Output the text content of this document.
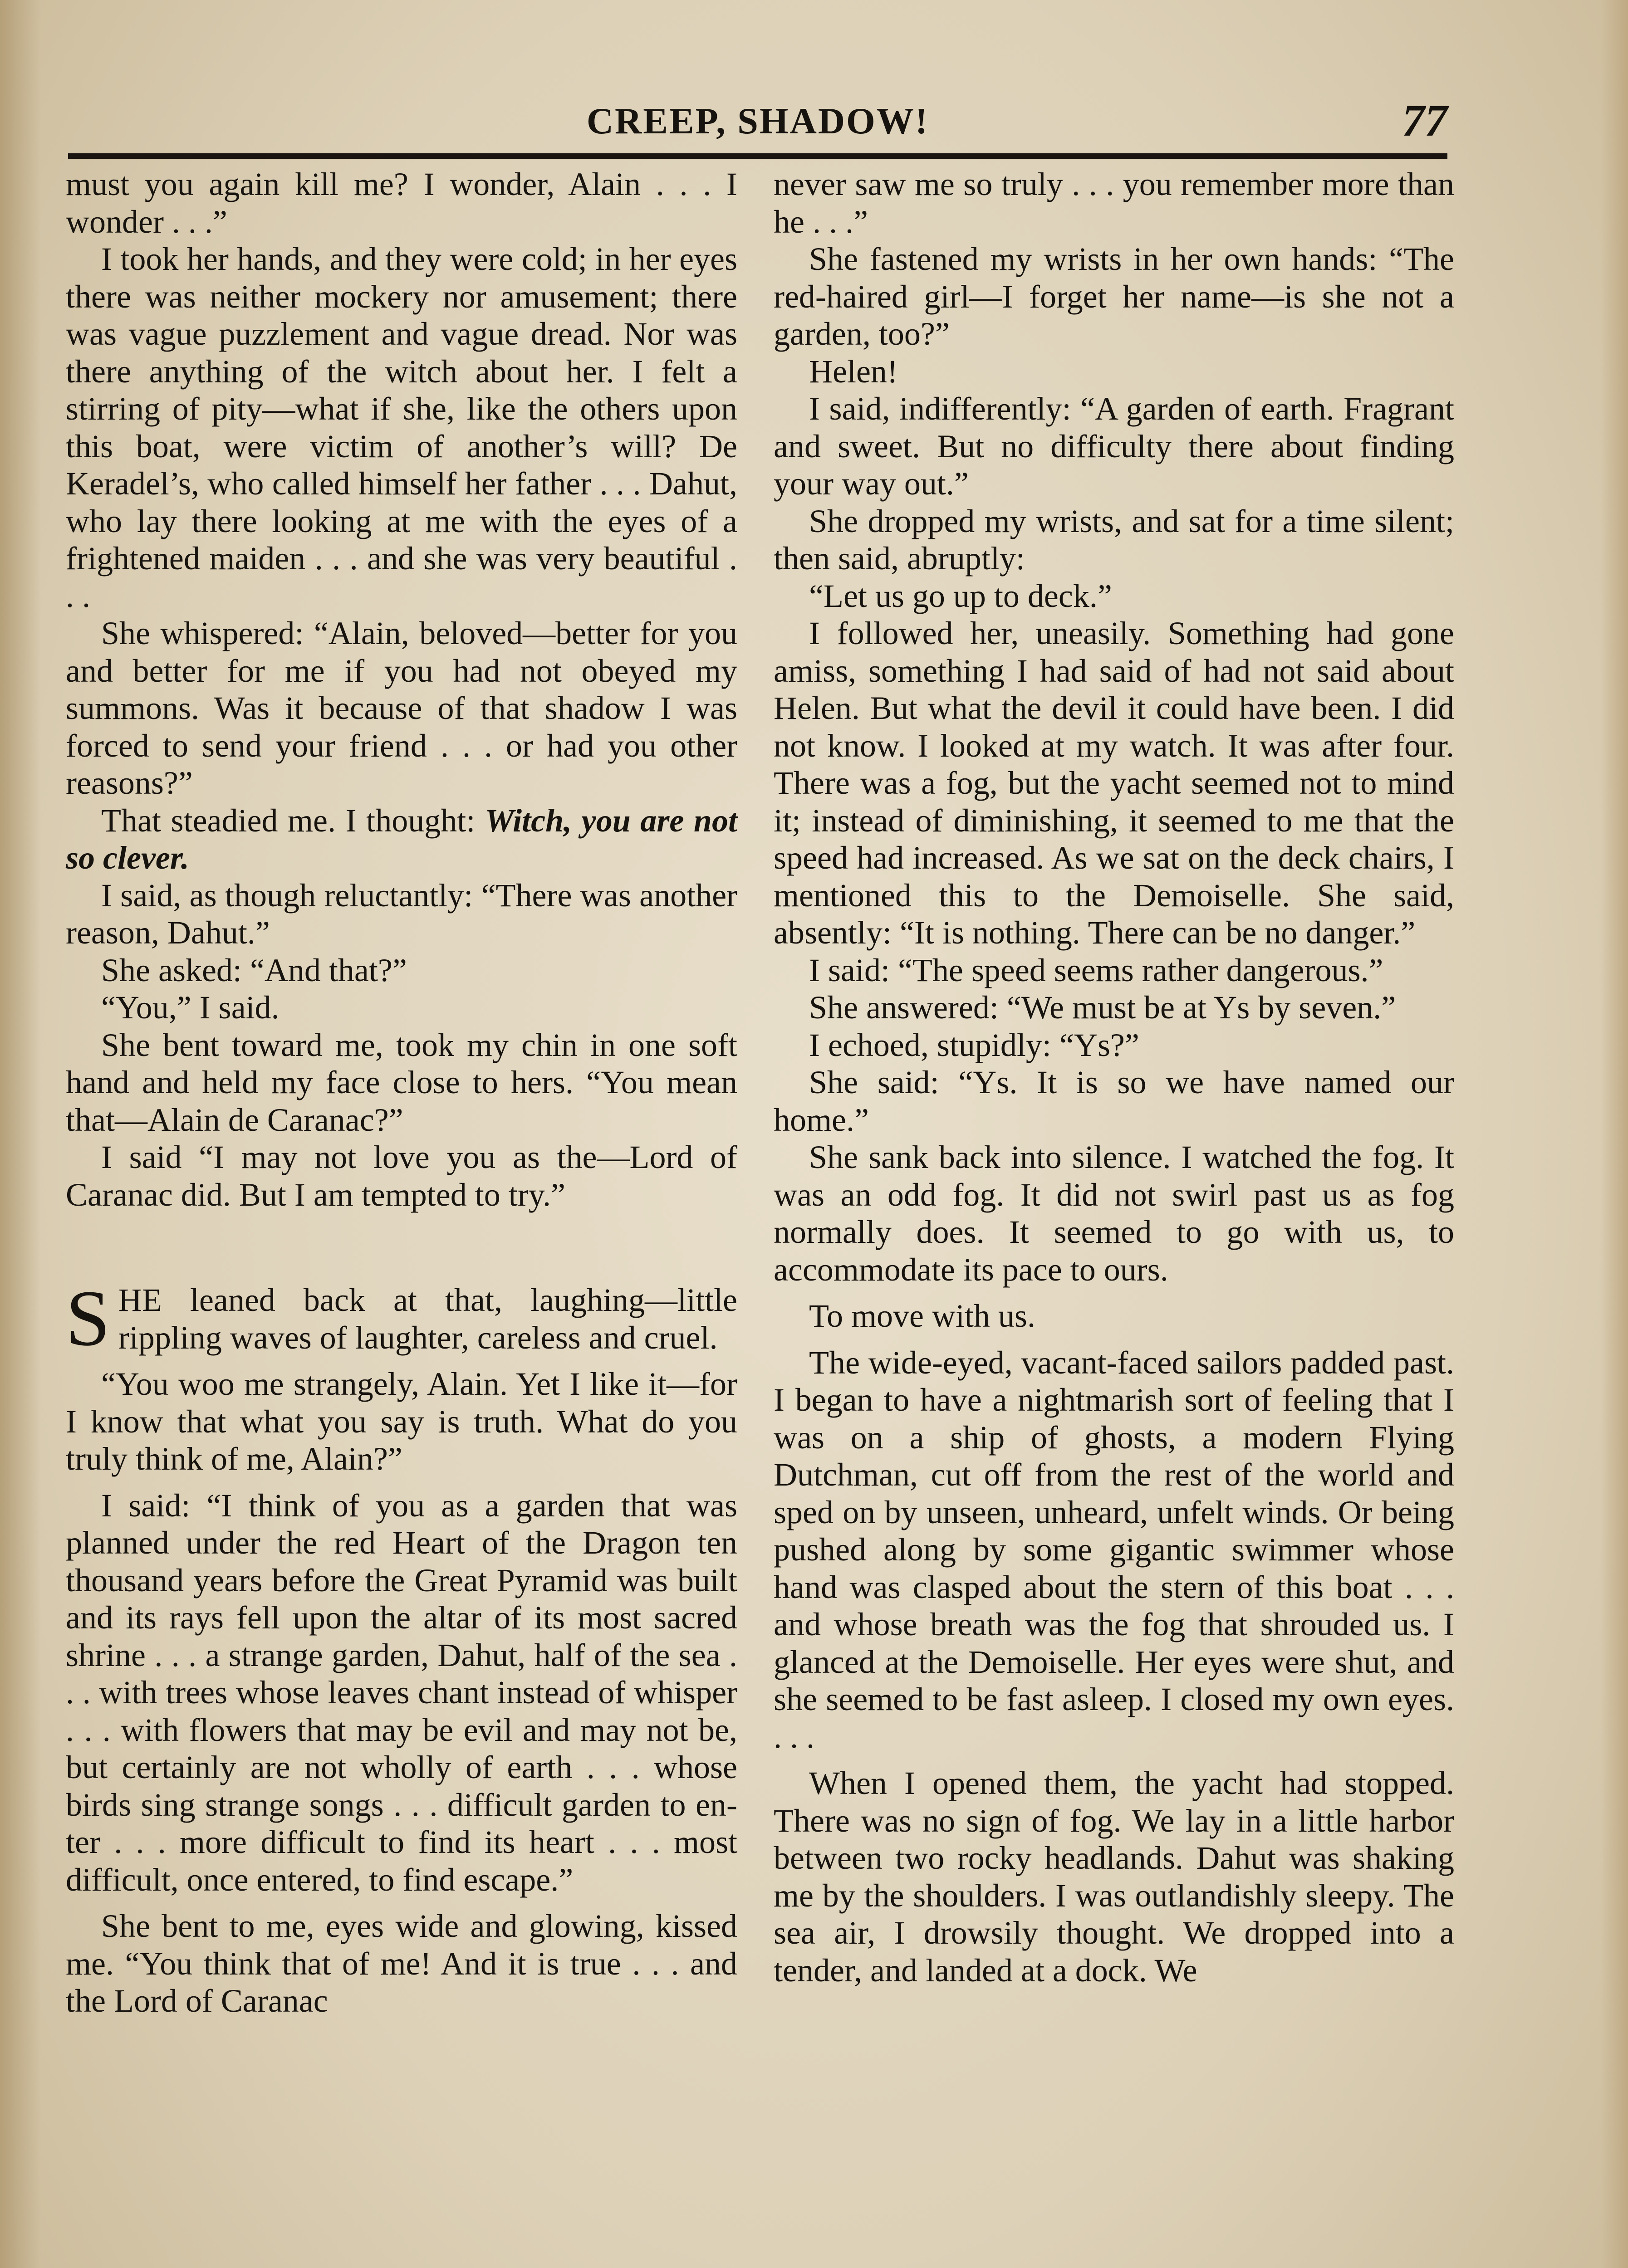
CREEP, SHADOW!	77

must you again kill me? I wonder, Alain . . . I wonder . . .”

I took her hands, and they were cold; in her eyes there was neither mockery nor amusement; there was vague puzzlement and vague dread. Nor was there anything of the witch about her. I felt a stirring of pity—what if she, like the others upon this boat, were victim of another’s will? De Keradel’s, who called himself her father . . . Dahut, who lay there looking at me with the eyes of a frightened maiden . . . and she was very beautiful . . .

She whispered: “Alain, beloved—better for you and better for me if you had not obeyed my summons. Was it because of that shadow I was forced to send your friend . . . or had you other reasons?”

That steadied me. I thought: Witch, you are not so clever.

I said, as though reluctantly: “There was another reason, Dahut.”

She asked: “And that?”

“You,” I said.

She bent toward me, took my chin in one soft hand and held my face close to hers. “You mean that—Alain de Caranac?”

I said “I may not love you as the—Lord of Caranac did. But I am tempted to try.”

SHE leaned back at that, laughing—little rippling waves of laughter, careless and cruel.

“You woo me strangely, Alain. Yet I like it—for I know that what you say is truth. What do you truly think of me, Alain?”

I said: “I think of you as a garden that was planned under the red Heart of the Dragon ten thousand years before the Great Pyramid was built and its rays fell upon the altar of its most sacred shrine . . . a strange garden, Dahut, half of the sea . . . with trees whose leaves chant instead of whisper . . . with flowers that may be evil and may not be, but certainly are not wholly of earth . . . whose birds sing strange songs . . . difficult garden to enter . . . more difficult to find its heart . . . most difficult, once entered, to find escape.”

She bent to me, eyes wide and glowing, kissed me. “You think that of me! And it is true . . . and the Lord of Caranac

never saw me so truly . . . you remember more than he . . .”

She fastened my wrists in her own hands: “The red-haired girl—I forget her name—is she not a garden, too?”

Helen!

I said, indifferently: “A garden of earth. Fragrant and sweet. But no difficulty there about finding your way out.”

She dropped my wrists, and sat for a time silent; then said, abruptly:

“Let us go up to deck.”

I followed her, uneasily. Something had gone amiss, something I had said of had not said about Helen. But what the devil it could have been. I did not know. I looked at my watch. It was after four. There was a fog, but the yacht seemed not to mind it; instead of diminishing, it seemed to me that the speed had increased. As we sat on the deck chairs, I mentioned this to the Demoiselle. She said, absently: “It is nothing. There can be no danger.”

I said: “The speed seems rather dangerous.”

She answered: “We must be at Ys by seven.”

I echoed, stupidly: “Ys?”

She said: “Ys. It is so we have named our home.”

She sank back into silence. I watched the fog. It was an odd fog. It did not swirl past us as fog normally does. It seemed to go with us, to accommodate its pace to ours.

To move with us.

The wide-eyed, vacant-faced sailors padded past. I began to have a nightmarish sort of feeling that I was on a ship of ghosts, a modern Flying Dutchman, cut off from the rest of the world and sped on by unseen, unheard, unfelt winds. Or being pushed along by some gigantic swimmer whose hand was clasped about the stern of this boat . . . and whose breath was the fog that shrouded us. I glanced at the Demoiselle. Her eyes were shut, and she seemed to be fast asleep. I closed my own eyes. . . .

When I opened them, the yacht had stopped. There was no sign of fog. We lay in a little harbor between two rocky headlands. Dahut was shaking me by the shoulders. I was outlandishly sleepy. The sea air, I drowsily thought. We dropped into a tender, and landed at a dock. We
